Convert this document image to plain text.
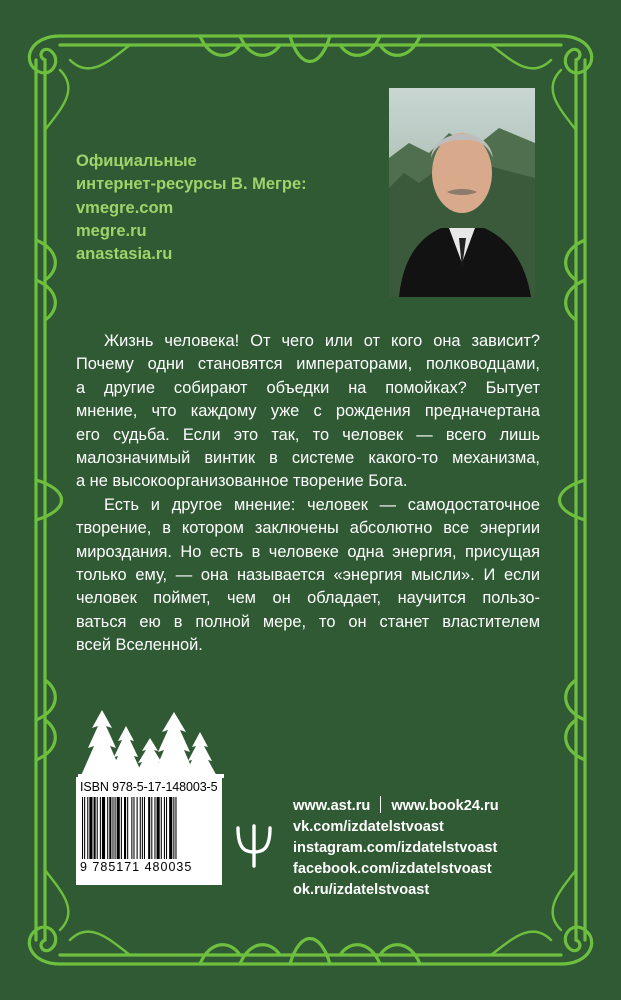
Официальные
интернет-ресурсы В. Мегре:
vmegre.com
megre.ru
anastasia.ru

Жизнь человека! От чего или от кого она зависит?
Почему одни становятся императорами, полководцами,
а другие собирают объедки на помойках? Бытует
мнение, что каждому уже с рождения предначертана
его судьба. Если это так, то человек — всего лишь
малозначимый винтик в системе какого-то механизма,
а не высокоорганизованное творение Бога.

Есть и другое мнение: человек — самодостаточное
творение, в котором заключены абсолютно все энергии
мироздания. Но есть в человеке одна энергия, присущая
только ему, — она называется «энергия мысли». И если
человек поймет, чем он обладает, научится пользо-
ваться ею в полной мере, то он станет властителем
всей Вселенной.

ISBN 978-5-17-148003-5
9 785171 480035
www.ast.ru www.book24.ru
vk.com/izdatelstvoast
instagram.com/izdatelstvoast
facebook.com/izdatelstvoast
ok.ru/izdatelstvoast
